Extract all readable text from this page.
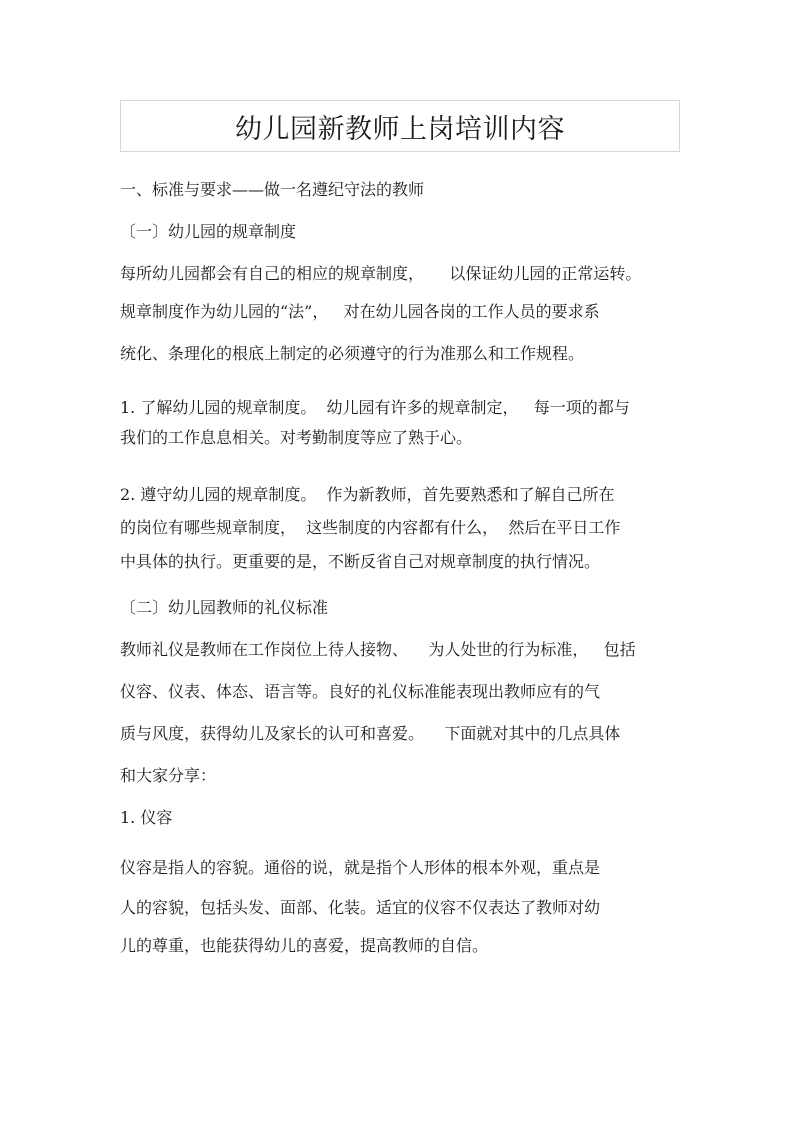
幼儿园新教师上岗培训内容
一、标准与要求——做一名遵纪守法的教师
〔一〕幼儿园的规章制度
每所幼儿园都会有自己的相应的规章制度，     以保证幼儿园的正常运转。
规章制度作为幼儿园的“法”，   对在幼儿园各岗的工作人员的要求系
统化、条理化的根底上制定的必须遵守的行为准那么和工作规程。
1. 了解幼儿园的规章制度。  幼儿园有许多的规章制定，   每一项的都与
我们的工作息息相关。对考勤制度等应了熟于心。
2. 遵守幼儿园的规章制度。  作为新教师，首先要熟悉和了解自己所在
的岗位有哪些规章制度，  这些制度的内容都有什么，  然后在平日工作
中具体的执行。更重要的是，不断反省自己对规章制度的执行情况。
〔二〕幼儿园教师的礼仪标准
教师礼仪是教师在工作岗位上待人接物、    为人处世的行为标准，   包括
仪容、仪表、体态、语言等。良好的礼仪标准能表现出教师应有的气
质与风度，获得幼儿及家长的认可和喜爱。    下面就对其中的几点具体
和大家分享：
1. 仪容
仪容是指人的容貌。通俗的说，就是指个人形体的根本外观，重点是
人的容貌，包括头发、面部、化装。适宜的仪容不仅表达了教师对幼
儿的尊重，也能获得幼儿的喜爱，提高教师的自信。
